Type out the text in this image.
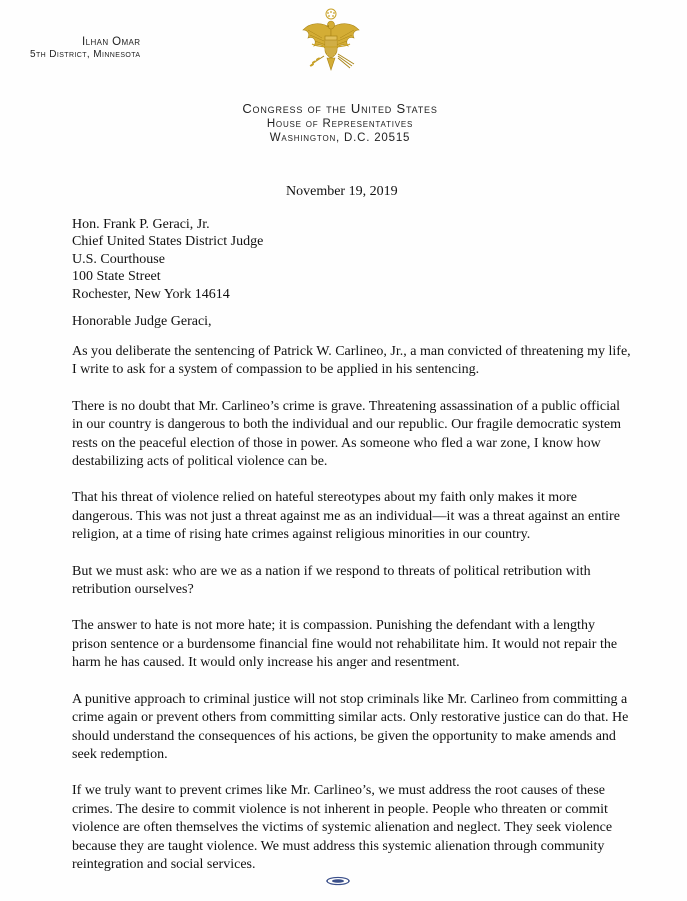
Ilhan Omar
5th District, Minnesota
Congress of the United States
House of Representatives
Washington, D.C. 20515
November 19, 2019
Hon. Frank P. Geraci, Jr.
Chief United States District Judge
U.S. Courthouse
100 State Street
Rochester, New York 14614
Honorable Judge Geraci,

As you deliberate the sentencing of Patrick W. Carlineo, Jr., a man convicted of threatening my life, I write to ask for a system of compassion to be applied in his sentencing.

There is no doubt that Mr. Carlineo’s crime is grave. Threatening assassination of a public official in our country is dangerous to both the individual and our republic. Our fragile democratic system rests on the peaceful election of those in power. As someone who fled a war zone, I know how destabilizing acts of political violence can be.

That his threat of violence relied on hateful stereotypes about my faith only makes it more dangerous. This was not just a threat against me as an individual—it was a threat against an entire religion, at a time of rising hate crimes against religious minorities in our country.

But we must ask: who are we as a nation if we respond to threats of political retribution with retribution ourselves?

The answer to hate is not more hate; it is compassion. Punishing the defendant with a lengthy prison sentence or a burdensome financial fine would not rehabilitate him. It would not repair the harm he has caused. It would only increase his anger and resentment.

A punitive approach to criminal justice will not stop criminals like Mr. Carlineo from committing a crime again or prevent others from committing similar acts. Only restorative justice can do that. He should understand the consequences of his actions, be given the opportunity to make amends and seek redemption.

If we truly want to prevent crimes like Mr. Carlineo’s, we must address the root causes of these crimes. The desire to commit violence is not inherent in people. People who threaten or commit violence are often themselves the victims of systemic alienation and neglect. They seek violence because they are taught violence. We must address this systemic alienation through community reintegration and social services.
